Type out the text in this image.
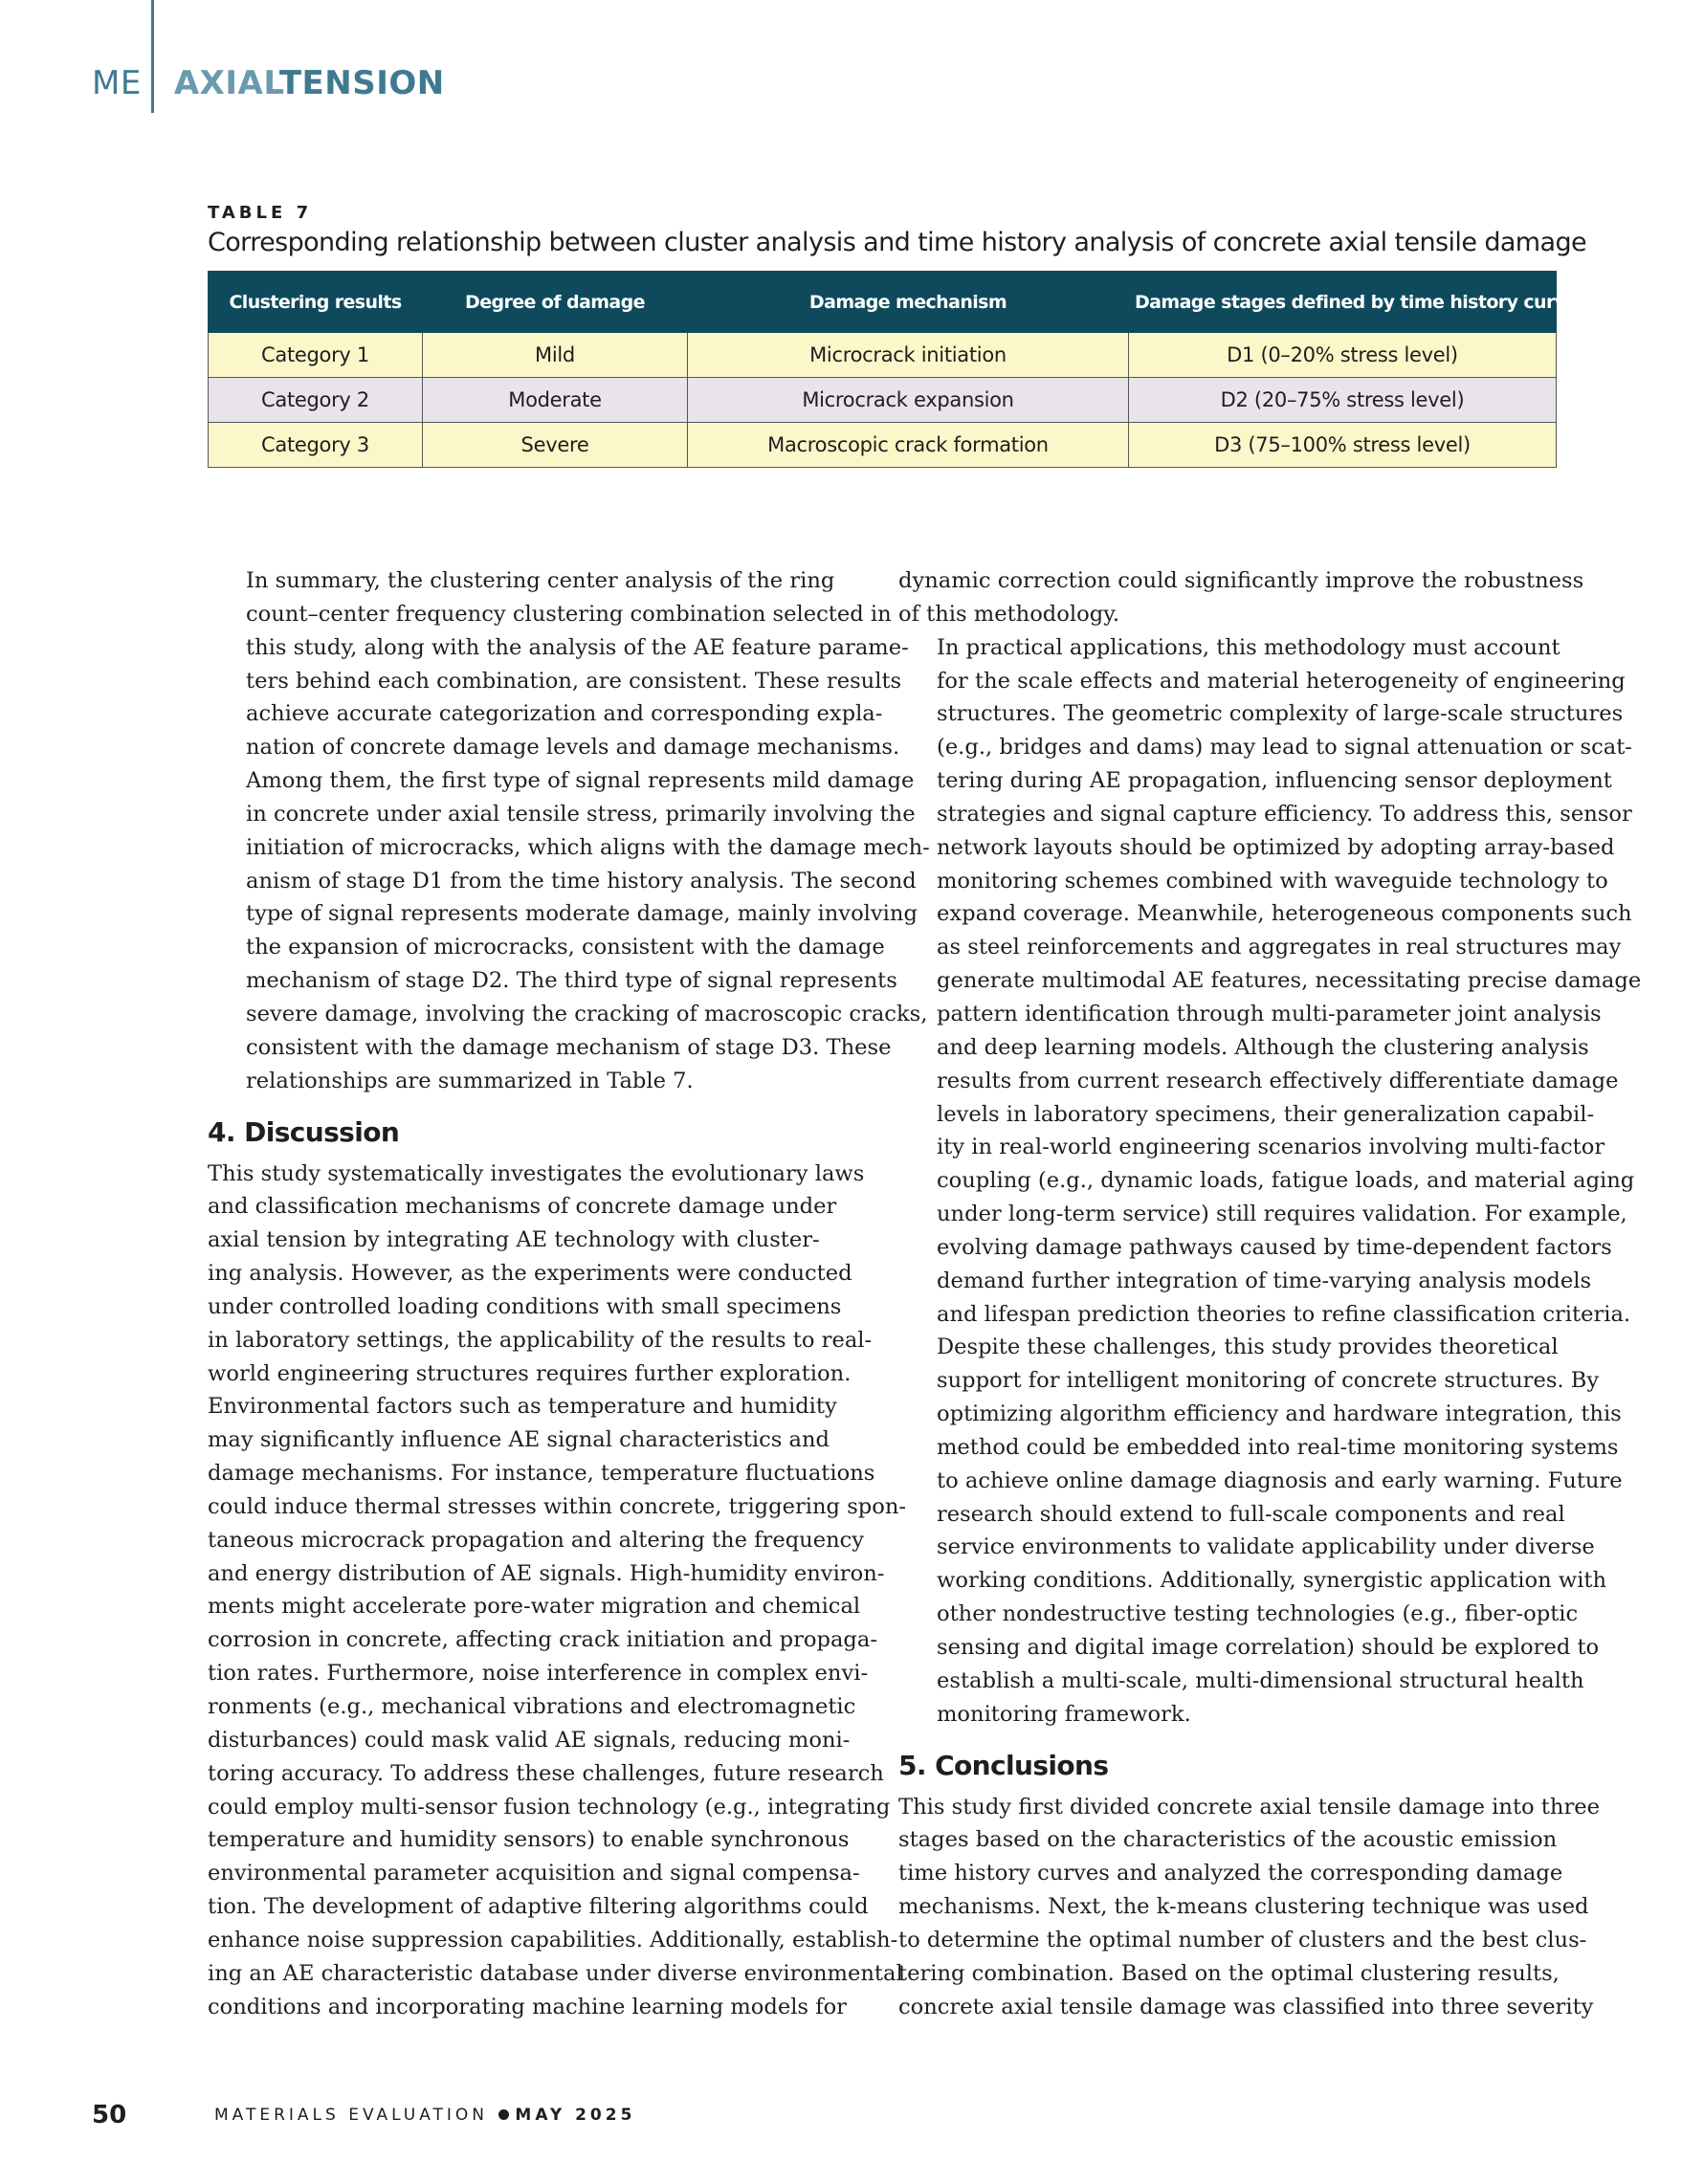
ME AXIALTENSION
TABLE 7
Corresponding relationship between cluster analysis and time history analysis of concrete axial tensile damage
Clustering results	Degree of damage	Damage mechanism	Damage stages defined by time history curves
Category 1	Mild	Microcrack initiation	D1 (0–20% stress level)
Category 2	Moderate	Microcrack expansion	D2 (20–75% stress level)
Category 3	Severe	Macroscopic crack formation	D3 (75–100% stress level)

In summary, the clustering center analysis of the ring
count–center frequency clustering combination selected in
this study, along with the analysis of the AE feature parame-
ters behind each combination, are consistent. These results
achieve accurate categorization and corresponding expla-
nation of concrete damage levels and damage mechanisms.
Among them, the first type of signal represents mild damage
in concrete under axial tensile stress, primarily involving the
initiation of microcracks, which aligns with the damage mech-
anism of stage D1 from the time history analysis. The second
type of signal represents moderate damage, mainly involving
the expansion of microcracks, consistent with the damage
mechanism of stage D2. The third type of signal represents
severe damage, involving the cracking of macroscopic cracks,
consistent with the damage mechanism of stage D3. These
relationships are summarized in Table 7.

4. Discussion

This study systematically investigates the evolutionary laws
and classification mechanisms of concrete damage under
axial tension by integrating AE technology with cluster-
ing analysis. However, as the experiments were conducted
under controlled loading conditions with small specimens
in laboratory settings, the applicability of the results to real-
world engineering structures requires further exploration.
Environmental factors such as temperature and humidity
may significantly influence AE signal characteristics and
damage mechanisms. For instance, temperature fluctuations
could induce thermal stresses within concrete, triggering spon-
taneous microcrack propagation and altering the frequency
and energy distribution of AE signals. High-humidity environ-
ments might accelerate pore-water migration and chemical
corrosion in concrete, affecting crack initiation and propaga-
tion rates. Furthermore, noise interference in complex envi-
ronments (e.g., mechanical vibrations and electromagnetic
disturbances) could mask valid AE signals, reducing moni-
toring accuracy. To address these challenges, future research
could employ multi-sensor fusion technology (e.g., integrating
temperature and humidity sensors) to enable synchronous
environmental parameter acquisition and signal compensa-
tion. The development of adaptive filtering algorithms could
enhance noise suppression capabilities. Additionally, establish-
ing an AE characteristic database under diverse environmental
conditions and incorporating machine learning models for

dynamic correction could significantly improve the robustness
of this methodology.

In practical applications, this methodology must account
for the scale effects and material heterogeneity of engineering
structures. The geometric complexity of large-scale structures
(e.g., bridges and dams) may lead to signal attenuation or scat-
tering during AE propagation, influencing sensor deployment
strategies and signal capture efficiency. To address this, sensor
network layouts should be optimized by adopting array-based
monitoring schemes combined with waveguide technology to
expand coverage. Meanwhile, heterogeneous components such
as steel reinforcements and aggregates in real structures may
generate multimodal AE features, necessitating precise damage
pattern identification through multi-parameter joint analysis
and deep learning models. Although the clustering analysis
results from current research effectively differentiate damage
levels in laboratory specimens, their generalization capabil-
ity in real-world engineering scenarios involving multi-factor
coupling (e.g., dynamic loads, fatigue loads, and material aging
under long-term service) still requires validation. For example,
evolving damage pathways caused by time-dependent factors
demand further integration of time-varying analysis models
and lifespan prediction theories to refine classification criteria.

Despite these challenges, this study provides theoretical
support for intelligent monitoring of concrete structures. By
optimizing algorithm efficiency and hardware integration, this
method could be embedded into real-time monitoring systems
to achieve online damage diagnosis and early warning. Future
research should extend to full-scale components and real
service environments to validate applicability under diverse
working conditions. Additionally, synergistic application with
other nondestructive testing technologies (e.g., fiber-optic
sensing and digital image correlation) should be explored to
establish a multi-scale, multi-dimensional structural health
monitoring framework.

5. Conclusions

This study first divided concrete axial tensile damage into three
stages based on the characteristics of the acoustic emission
time history curves and analyzed the corresponding damage
mechanisms. Next, the k-means clustering technique was used
to determine the optimal number of clusters and the best clus-
tering combination. Based on the optimal clustering results,
concrete axial tensile damage was classified into three severity

50	MATERIALS EVALUATION MAY 2025
